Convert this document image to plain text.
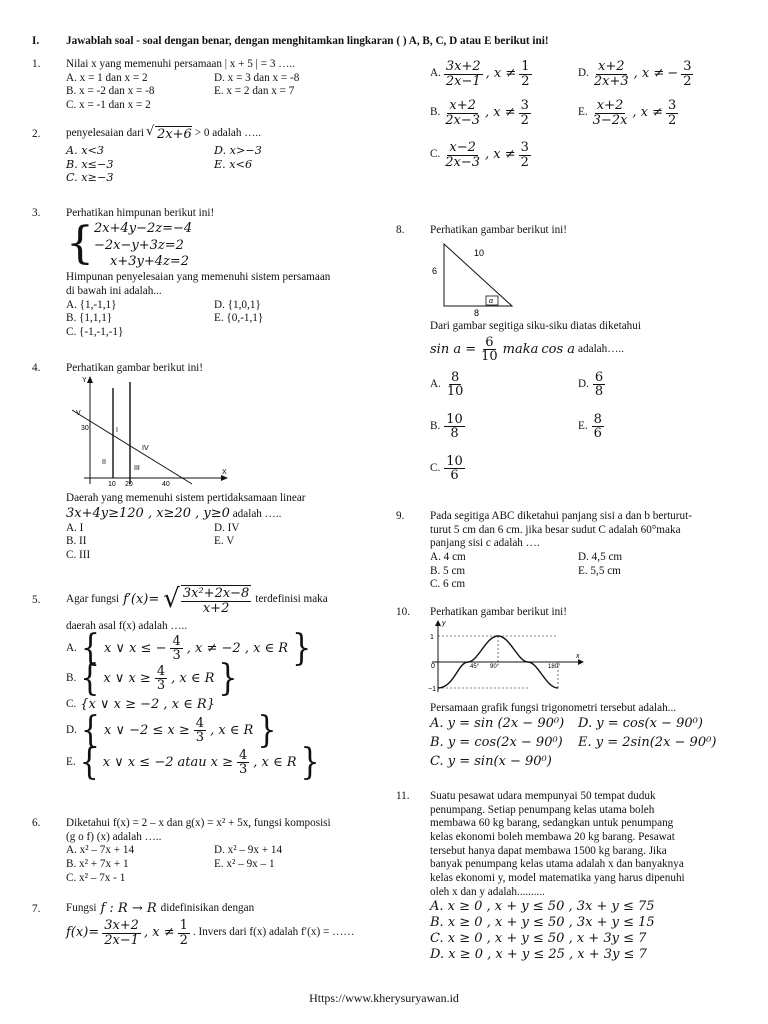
I. Jawablah soal - soal dengan benar, dengan menghitamkan lingkaran ( ) A, B, C, D atau E berikut ini!
1. Nilai x yang memenuhi persamaan | x + 5 | = 3 …..
A. x = 1 dan x = 2	D. x = 3 dan x = -8
B. x = -2 dan x = -8	E. x = 2 dan x = 7
C. x = -1 dan x = 2
2. penyelesaian dari √ 2x+6 > 0 adalah …..
A. x<3	D. x>−3
B. x≤−3	E. x<6
C. x≥−3
3. Perhatikan himpunan berikut ini!
{ 2x+4y−2z=−4
−2x−y+3z=2
x+3y+4z=2
Himpunan penyelesaian yang memenuhi sistem persamaan
di bawah ini adalah...
A. {1,-1,1}	D. {1,0,1}
B. {1,1,1}	E. {0,-1,1}
C. {-1,-1,-1}
4. Perhatikan gambar berikut ini!
Y
X
V
30	I
IV
II
III
10 20	40
Daerah yang memenuhi sistem pertidaksamaan linear
3x+4y≥120 , x≥20 , y≥0 adalah …..
A. I	D. IV
B. II	E. V
C. III
5. Agar fungsi f′(x)= √ $\frac{\text{3x²+2x−8}}{x+2}$ terdefinisi maka
daerah asal f(x) adalah …..
A. { x ∨ x ≤ − $\frac{4}{3}$ , x ≠ −2 , x ∈ R }
B. { x ∨ $x \ge \frac{4}{3}$ , x ∈ R }
C. {x ∨ x ≥ −2 , x ∈ R}
D. { x ∨ $-2 \le x \ge \frac{4}{3}$ , x ∈ R }
E. { x ∨ x ≤ −2 atau $x \ge \frac{4}{3}$ , x ∈ R }
6. Diketahui f(x) = 2 – x dan g(x) = x² + 5x, fungsi komposisi
(g o f) (x) adalah …..
A. x² – 7x + 14	D. x² – 9x + 14
B. x² + 7x + 1	E. x² – 9x – 1
C. x² – 7x - 1
7. Fungsi f : R → R didefinisikan dengan
$f(x)= \frac{3x+2}{2x-1}$ , $x \ne \frac{1}{2}$ . Invers dari f(x) adalah f′(x) = ……
A. $\frac{3x+2}{2x-1}$ , $x \ne \frac{1}{2}$	D. $\frac{x+2}{2x+3}$ , x ≠ − $\frac{3}{2}$
B. $\frac{x+2}{2x-3}$ , $x \ne \frac{3}{2}$	E. $\frac{x+2}{3-2x}$ , $x \ne \frac{3}{2}$
C. $\frac{x-2}{2x-3}$ , $x \ne \frac{3}{2}$
8. Perhatikan gambar berikut ini!
10
6
8
α
Dari gambar segitiga siku-siku diatas diketahui
$\sin a = \frac{6}{10}$ maka cos a adalah…..
A. $\frac{8}{10}$	D. $\frac{6}{8}$
B. $\frac{10}{8}$	E. $\frac{8}{6}$
C. $\frac{10}{6}$
9. Pada segitiga ABC diketahui panjang sisi a dan b berturut-
turut 5 cm dan 6 cm. jika besar sudut C adalah 60°maka
panjang sisi c adalah ….
A. 4 cm	D. 4,5 cm
B. 5 cm	E. 5,5 cm
C. 6 cm
10. Perhatikan gambar berikut ini!
y
x
1
−1
0	45° 90°	180°
Persamaan grafik fungsi trigonometri tersebut adalah...
A. y = sin (2x − 90⁰)	D. y = cos(x − 90⁰)
B. y = cos(2x − 90⁰)	E. y = 2sin(2x − 90⁰)
C. y = sin(x − 90⁰)
11. Suatu pesawat udara mempunyai 50 tempat duduk
penumpang. Setiap penumpang kelas utama boleh
membawa 60 kg barang, sedangkan untuk penumpang
kelas ekonomi boleh membawa 20 kg barang. Pesawat
tersebut hanya dapat membawa 1500 kg barang. Jika
banyak penumpang kelas utama adalah x dan banyaknya
kelas ekonomi y, model matematika yang harus dipenuhi
oleh x dan y adalah..........
A. x ≥ 0 , x + y ≤ 50 , 3x + y ≤ 75
B. x ≥ 0 , x + y ≤ 50 , 3x + y ≤ 15
C. x ≥ 0 , x + y ≤ 50 , x + 3y ≤ 7
D. x ≥ 0 , x + y ≤ 25 , x + 3y ≤ 7
Https://www.kherysuryawan.id
